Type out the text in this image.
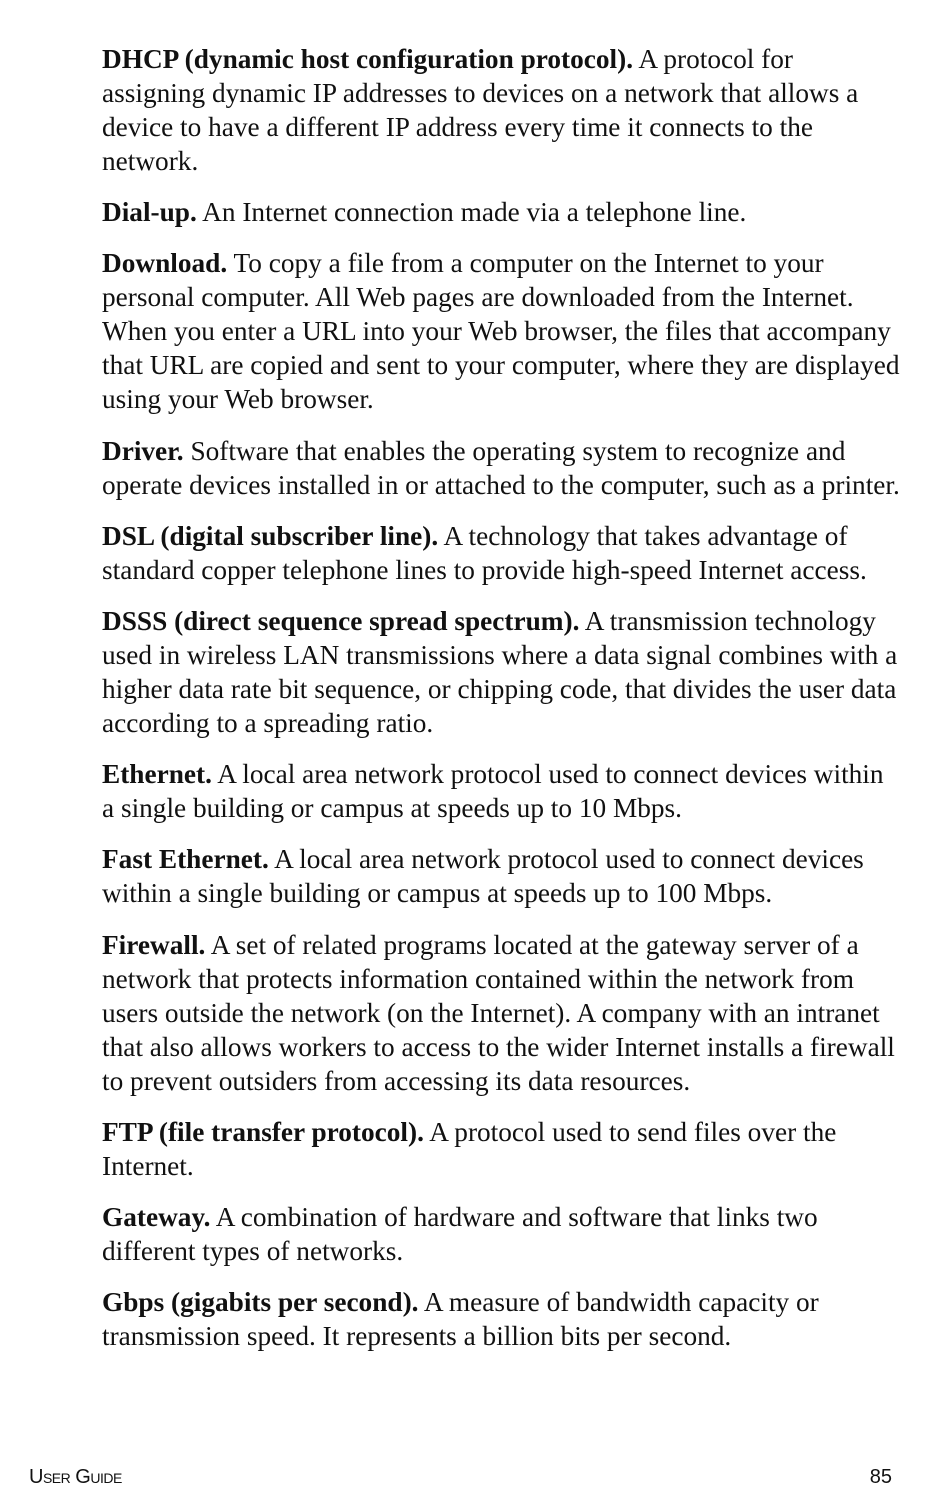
DHCP (dynamic host configuration protocol). A protocol for assigning dynamic IP addresses to devices on a network that allows a device to have a different IP address every time it connects to the network.

Dial-up. An Internet connection made via a telephone line.

Download. To copy a file from a computer on the Internet to your personal computer. All Web pages are downloaded from the Internet. When you enter a URL into your Web browser, the files that accompany that URL are copied and sent to your computer, where they are displayed using your Web browser.

Driver. Software that enables the operating system to recognize and operate devices installed in or attached to the computer, such as a printer.

DSL (digital subscriber line). A technology that takes advantage of standard copper telephone lines to provide high-speed Internet access.

DSSS (direct sequence spread spectrum). A transmission technology used in wireless LAN transmissions where a data signal combines with a higher data rate bit sequence, or chipping code, that divides the user data according to a spreading ratio.

Ethernet. A local area network protocol used to connect devices within a single building or campus at speeds up to 10 Mbps.

Fast Ethernet. A local area network protocol used to connect devices within a single building or campus at speeds up to 100 Mbps.

Firewall. A set of related programs located at the gateway server of a network that protects information contained within the network from users outside the network (on the Internet). A company with an intranet that also allows workers to access to the wider Internet installs a firewall to prevent outsiders from accessing its data resources.

FTP (file transfer protocol). A protocol used to send files over the Internet.

Gateway. A combination of hardware and software that links two different types of networks.

Gbps (gigabits per second). A measure of bandwidth capacity or transmission speed. It represents a billion bits per second.

User Guide	85
